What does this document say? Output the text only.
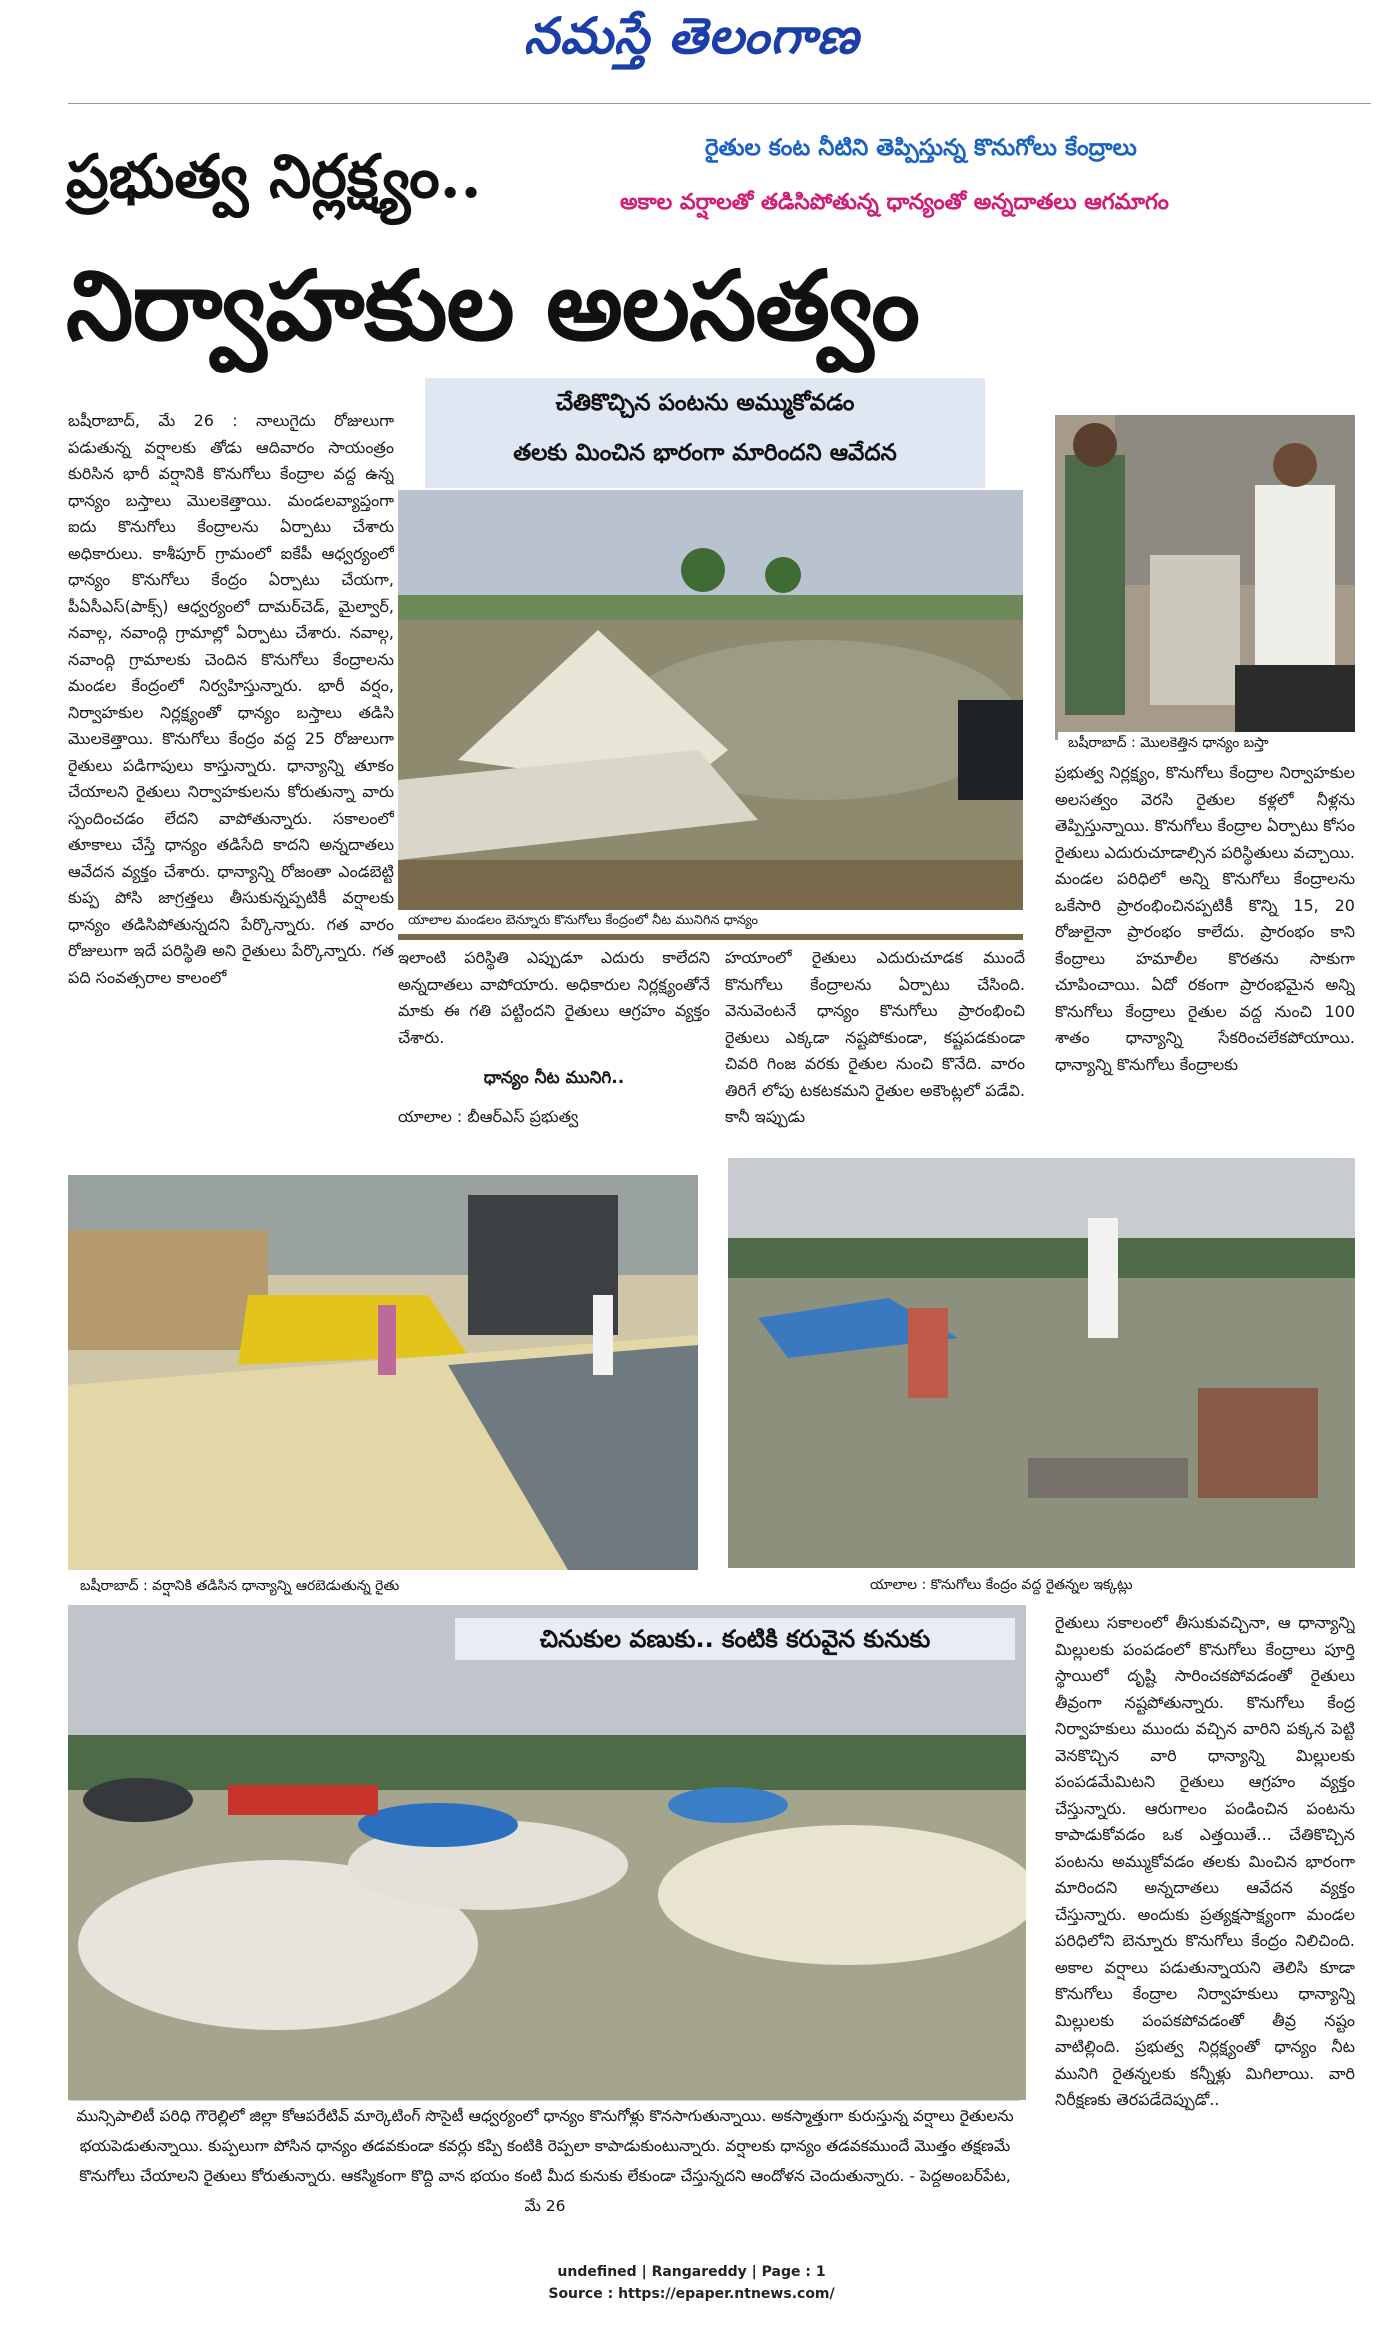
నమస్తే తెలంగాణ
ప్రభుత్వ నిర్లక్ష్యం..	రైతుల కంట నీటిని తెప్పిస్తున్న కొనుగోలు కేంద్రాలు
అకాల వర్షాలతో తడిసిపోతున్న ధాన్యంతో అన్నదాతలు ఆగమాగం
నిర్వాహకుల అలసత్వం

బషీరాబాద్, మే 26 : నాలుగైదు రోజులుగా పడుతున్న వర్షాలకు తోడు ఆదివారం సాయంత్రం కురిసిన భారీ వర్షానికి కొనుగోలు కేంద్రాల వద్ద ఉన్న ధాన్యం బస్తాలు మొలకెత్తాయి. మండలవ్యాప్తంగా ఐదు కొనుగోలు కేంద్రాలను ఏర్పాటు చేశారు అధికారులు. కాశీపూర్ గ్రామంలో ఐకేపీ ఆధ్వర్యంలో ధాన్యం కొనుగోలు కేంద్రం ఏర్పాటు చేయగా, పీఏసీఎస్(పాక్స్) ఆధ్వర్యంలో దామర్‌చెడ్, మైల్వార్, నవాల్గ, నవాంద్గి గ్రామాల్లో ఏర్పాటు చేశారు. నవాల్గ, నవాంద్గి గ్రామాలకు చెందిన కొనుగోలు కేంద్రాలను మండల కేంద్రంలో నిర్వహిస్తున్నారు. భారీ వర్షం, నిర్వాహకుల నిర్లక్ష్యంతో ధాన్యం బస్తాలు తడిసి మొలకెత్తాయి. కొనుగోలు కేంద్రం వద్ద 25 రోజులుగా రైతులు పడిగాపులు కాస్తున్నారు. ధాన్యాన్ని తూకం చేయాలని రైతులు నిర్వాహకులను కోరుతున్నా వారు స్పందించడం లేదని వాపోతున్నారు. సకాలంలో తూకాలు చేస్తే ధాన్యం తడిసేది కాదని అన్నదాతలు ఆవేదన వ్యక్తం చేశారు. ధాన్యాన్ని రోజంతా ఎండబెట్టి కుప్ప పోసి జాగ్రత్తలు తీసుకున్నప్పటికీ వర్షాలకు ధాన్యం తడిసిపోతున్నదని పేర్కొన్నారు. గత వారం రోజులుగా ఇదే పరిస్థితి అని రైతులు పేర్కొన్నారు. గత పది సంవత్సరాల కాలంలో

చేతికొచ్చిన పంటను అమ్ముకోవడం
తలకు మించిన భారంగా మారిందని ఆవేదన
యాలాల మండలం బెన్నూరు కొనుగోలు కేంద్రంలో నీట మునిగిన ధాన్యం
బషీరాబాద్ : మొలకెత్తిన ధాన్యం బస్తా

ఇలాంటి పరిస్థితి ఎప్పుడూ ఎదురు కాలేదని అన్నదాతలు వాపోయారు. అధికారుల నిర్లక్ష్యంతోనే మాకు ఈ గతి పట్టిందని రైతులు ఆగ్రహం వ్యక్తం చేశారు.

ధాన్యం నీట మునిగి..

యాలాల : బీఆర్‌ఎస్ ప్రభుత్వ

హయాంలో రైతులు ఎదురుచూడక ముందే కొనుగోలు కేంద్రాలను ఏర్పాటు చేసింది. వెనువెంటనే ధాన్యం కొనుగోలు ప్రారంభించి రైతులు ఎక్కడా నష్టపోకుండా, కష్టపడకుండా చివరి గింజ వరకు రైతుల నుంచి కొనేది. వారం తిరిగే లోపు టకటకమని రైతుల అకౌంట్లలో పడేవి. కానీ ఇప్పుడు

ప్రభుత్వ నిర్లక్ష్యం, కొనుగోలు కేంద్రాల నిర్వాహకుల అలసత్వం వెరసి రైతుల కళ్లలో నీళ్లను తెప్పిస్తున్నాయి. కొనుగోలు కేంద్రాల ఏర్పాటు కోసం రైతులు ఎదురుచూడాల్సిన పరిస్థితులు వచ్చాయి. మండల పరిధిలో అన్ని కొనుగోలు కేంద్రాలను ఒకేసారి ప్రారంభించినప్పటికీ కొన్ని 15, 20 రోజులైనా ప్రారంభం కాలేదు. ప్రారంభం కాని కేంద్రాలు హమాలీల కొరతను సాకుగా చూపించాయి. ఏదో రకంగా ప్రారంభమైన అన్ని కొనుగోలు కేంద్రాలు రైతుల వద్ద నుంచి 100 శాతం ధాన్యాన్ని సేకరించలేకపోయాయి. ధాన్యాన్ని కొనుగోలు కేంద్రాలకు

బషీరాబాద్ : వర్షానికి తడిసిన ధాన్యాన్ని ఆరబెడుతున్న రైతు	యాలాల : కొనుగోలు కేంద్రం వద్ద రైతన్నల ఇక్కట్లు
చినుకుల వణుకు.. కంటికి కరువైన కునుకు
మున్సిపాలిటీ పరిధి గౌరెల్లిలో జిల్లా కోఆపరేటివ్ మార్కెటింగ్ సొసైటీ ఆధ్వర్యంలో ధాన్యం కొనుగోళ్లు కొనసాగుతున్నాయి. అకస్మాత్తుగా కురుస్తున్న వర్షాలు రైతులను భయపెడుతున్నాయి. కుప్పలుగా పోసిన ధాన్యం తడవకుండా కవర్లు కప్పి కంటికి రెప్పలా కాపాడుకుంటున్నారు. వర్షాలకు ధాన్యం తడవకముందే మొత్తం తక్షణమే కొనుగోలు చేయాలని రైతులు కోరుతున్నారు. ఆకస్మికంగా కొద్ది వాన భయం కంటి మీద కునుకు లేకుండా చేస్తున్నదని ఆందోళన చెందుతున్నారు. - పెద్దఅంబర్‌పేట, మే 26

రైతులు సకాలంలో తీసుకువచ్చినా, ఆ ధాన్యాన్ని మిల్లులకు పంపడంలో కొనుగోలు కేంద్రాలు పూర్తి స్థాయిలో దృష్టి సారించకపోవడంతో రైతులు తీవ్రంగా నష్టపోతున్నారు. కొనుగోలు కేంద్ర నిర్వాహకులు ముందు వచ్చిన వారిని పక్కన పెట్టి వెనకొచ్చిన వారి ధాన్యాన్ని మిల్లులకు పంపడమేమిటని రైతులు ఆగ్రహం వ్యక్తం చేస్తున్నారు. ఆరుగాలం పండించిన పంటను కాపాడుకోవడం ఒక ఎత్తయితే... చేతికొచ్చిన పంటను అమ్ముకోవడం తలకు మించిన భారంగా మారిందని అన్నదాతలు ఆవేదన వ్యక్తం చేస్తున్నారు. అందుకు ప్రత్యక్షసాక్ష్యంగా మండల పరిధిలోని బెన్నూరు కొనుగోలు కేంద్రం నిలిచింది. అకాల వర్షాలు పడుతున్నాయని తెలిసి కూడా కొనుగోలు కేంద్రాల నిర్వాహకులు ధాన్యాన్ని మిల్లులకు పంపకపోవడంతో తీవ్ర నష్టం వాటిల్లింది. ప్రభుత్వ నిర్లక్ష్యంతో ధాన్యం నీట మునిగి రైతన్నలకు కన్నీళ్లు మిగిలాయి. వారి నిరీక్షణకు తెరపడేదెప్పుడో..

undefined | Rangareddy | Page : 1
Source : https://epaper.ntnews.com/
